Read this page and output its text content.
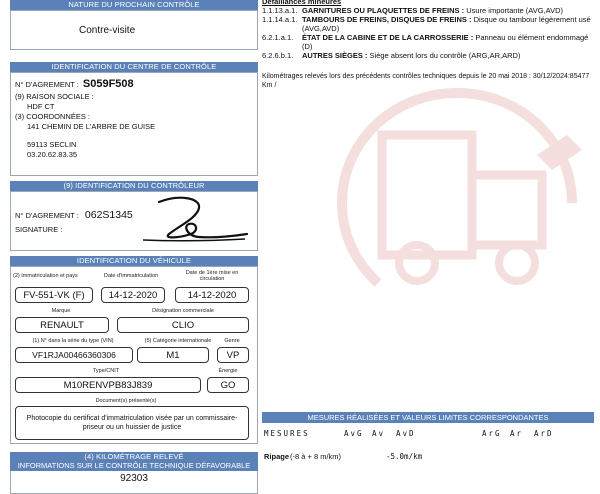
NATURE DU PROCHAIN CONTRÔLE
Contre-visite
IDENTIFICATION DU CENTRE DE CONTRÔLE
N° D'AGREMENT : S059F508
(9) RAISON SOCIALE :
HDF CT
(3) COORDONNÉES :
141 CHEMIN DE L'ARBRE DE GUISE
59113 SECLIN
03.20.62.83.35
(9) IDENTIFICATION DU CONTRÔLEUR
N° D'AGREMENT : 062S1345
SIGNATURE :
IDENTIFICATION DU VÉHICULE
(2) Immatriculation et pays
FV-551-VK (F)
Date d'immatriculation
14-12-2020
Date de 1ère mise en circulation
14-12-2020
Marque
RENAULT
Désignation commerciale
CLIO
(1) N° dans la série du type (VIN)
VF1RJA00466360306
(5) Catégorie internationale
M1
Genre
VP
Type/CNIT
M10RENVPB83J839
Énergie
GO
Document(s) présenté(s)
Photocopie du certificat d'immatriculation visée par un commissaire-priseur ou un huissier de justice
(4) KILOMÉTRAGE RELEVÉ
92303
INFORMATIONS SUR LE CONTRÔLE TECHNIQUE DÉFAVORABLE
Défaillances mineures
1.1.13.a.1. GARNITURES OU PLAQUETTES DE FREINS : Usure importante (AVG,AVD)
1.1.14.a.1. TAMBOURS DE FREINS, DISQUES DE FREINS : Disque ou tambour légèrement usé (AVG,AVD)
6.2.1.a.1.	ÉTAT DE LA CABINE ET DE LA CARROSSERIE : Panneau ou élément endommagé (D)
6.2.6.b.1.	AUTRES SIÈGES : Siège absent lors du contrôle (ARG,AR,ARD)
Kilométrages relevés lors des précédents contrôles techniques depuis le 20 mai 2018 : 30/12/2024:85477 Km /
MESURES RÉALISÉES ET VALEURS LIMITES CORRESPONDANTES
MESURES	AvG Av AvD	ArG Ar ArD
Ripage (-8 à + 8 m/km)	-5.0m/km
